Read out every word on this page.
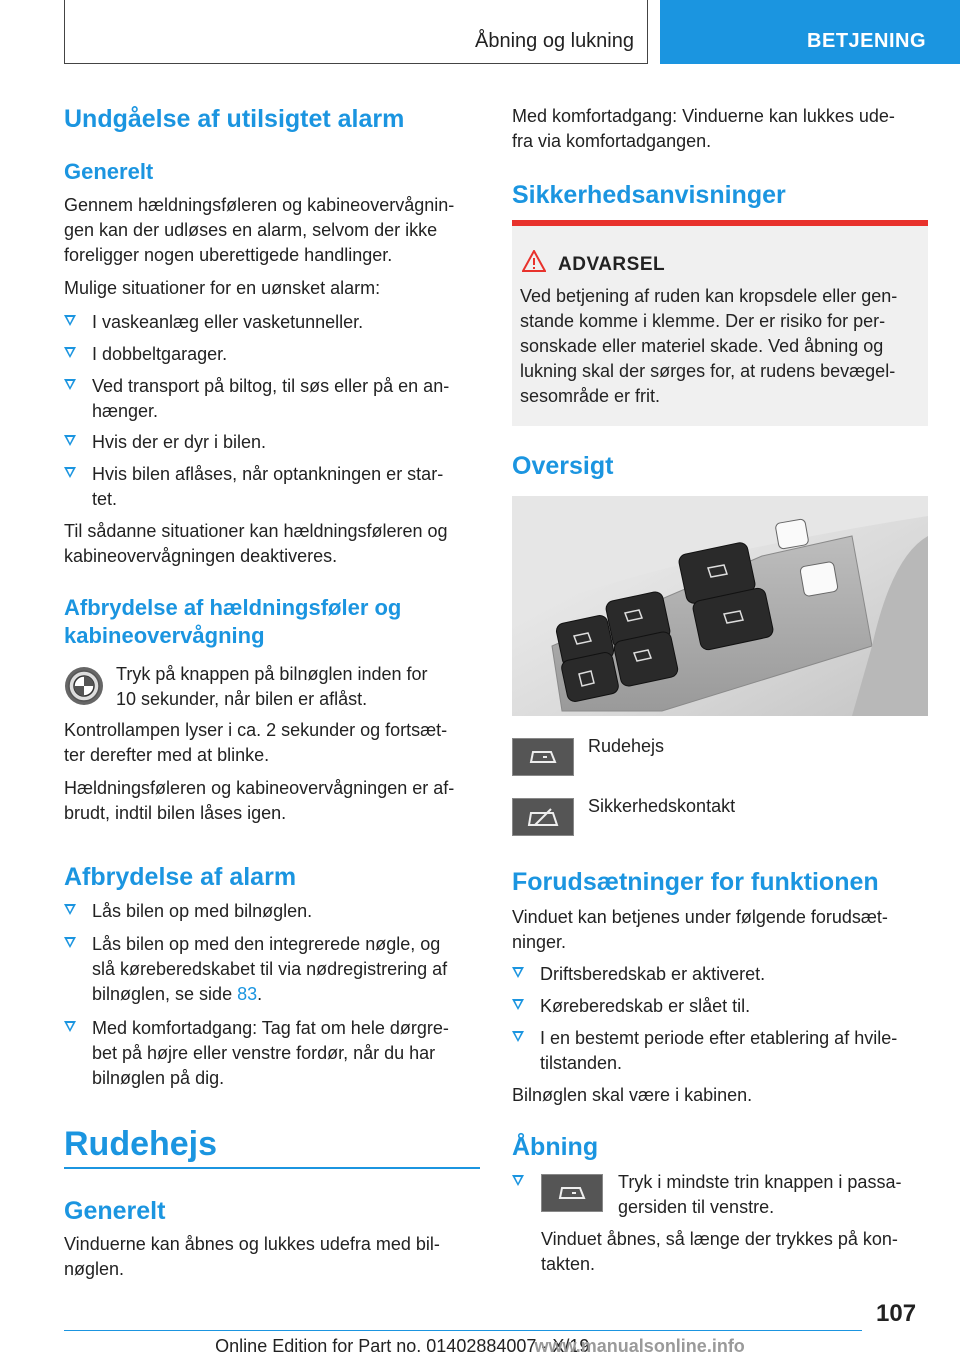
Åbning og lukning	BETJENING
Undgåelse af utilsigtet alarm
Generelt
Gennem hældningsføleren og kabineovervågnin‐
gen kan der udløses en alarm, selvom der ikke
foreligger nogen uberettigede handlinger.
Mulige situationer for en uønsket alarm:
I vaskeanlæg eller vasketunneller.
I dobbeltgarager.
Ved transport på biltog, til søs eller på en an‐
hænger.
Hvis der er dyr i bilen.
Hvis bilen aflåses, når optankningen er star‐
tet.
Til sådanne situationer kan hældningsføleren og
kabineovervågningen deaktiveres.
Afbrydelse af hældningsføler og
kabineovervågning
Tryk på knappen på bilnøglen inden for
10 sekunder, når bilen er aflåst.
Kontrollampen lyser i ca. 2 sekunder og fortsæt‐
ter derefter med at blinke.
Hældningsføleren og kabineovervågningen er af‐
brudt, indtil bilen låses igen.
Afbrydelse af alarm
Lås bilen op med bilnøglen.
Lås bilen op med den integrerede nøgle, og
slå køreberedskabet til via nødregistrering af
bilnøglen, se side 83.
Med komfortadgang: Tag fat om hele dørgre‐
bet på højre eller venstre fordør, når du har
bilnøglen på dig.
Rudehejs
Generelt
Vinduerne kan åbnes og lukkes udefra med bil‐
nøglen.
Med komfortadgang: Vinduerne kan lukkes ude‐
fra via komfortadgangen.
Sikkerhedsanvisninger
ADVARSEL
Ved betjening af ruden kan kropsdele eller gen‐
stande komme i klemme. Der er risiko for per‐
sonskade eller materiel skade. Ved åbning og
lukning skal der sørges for, at rudens bevægel‐
sesområde er frit.
Oversigt
Rudehejs
Sikkerhedskontakt
Forudsætninger for funktionen
Vinduet kan betjenes under følgende forudsæt‐
ninger.
Driftsberedskab er aktiveret.
Køreberedskab er slået til.
I en bestemt periode efter etablering af hvile‐
tilstanden.
Bilnøglen skal være i kabinen.
Åbning
Tryk i mindste trin knappen i passa‐
gersiden til venstre.
Vinduet åbnes, så længe der trykkes på kon‐
takten.
107
Online Edition for Part no. 01402884007 - X/19 www.manualsonline.info
